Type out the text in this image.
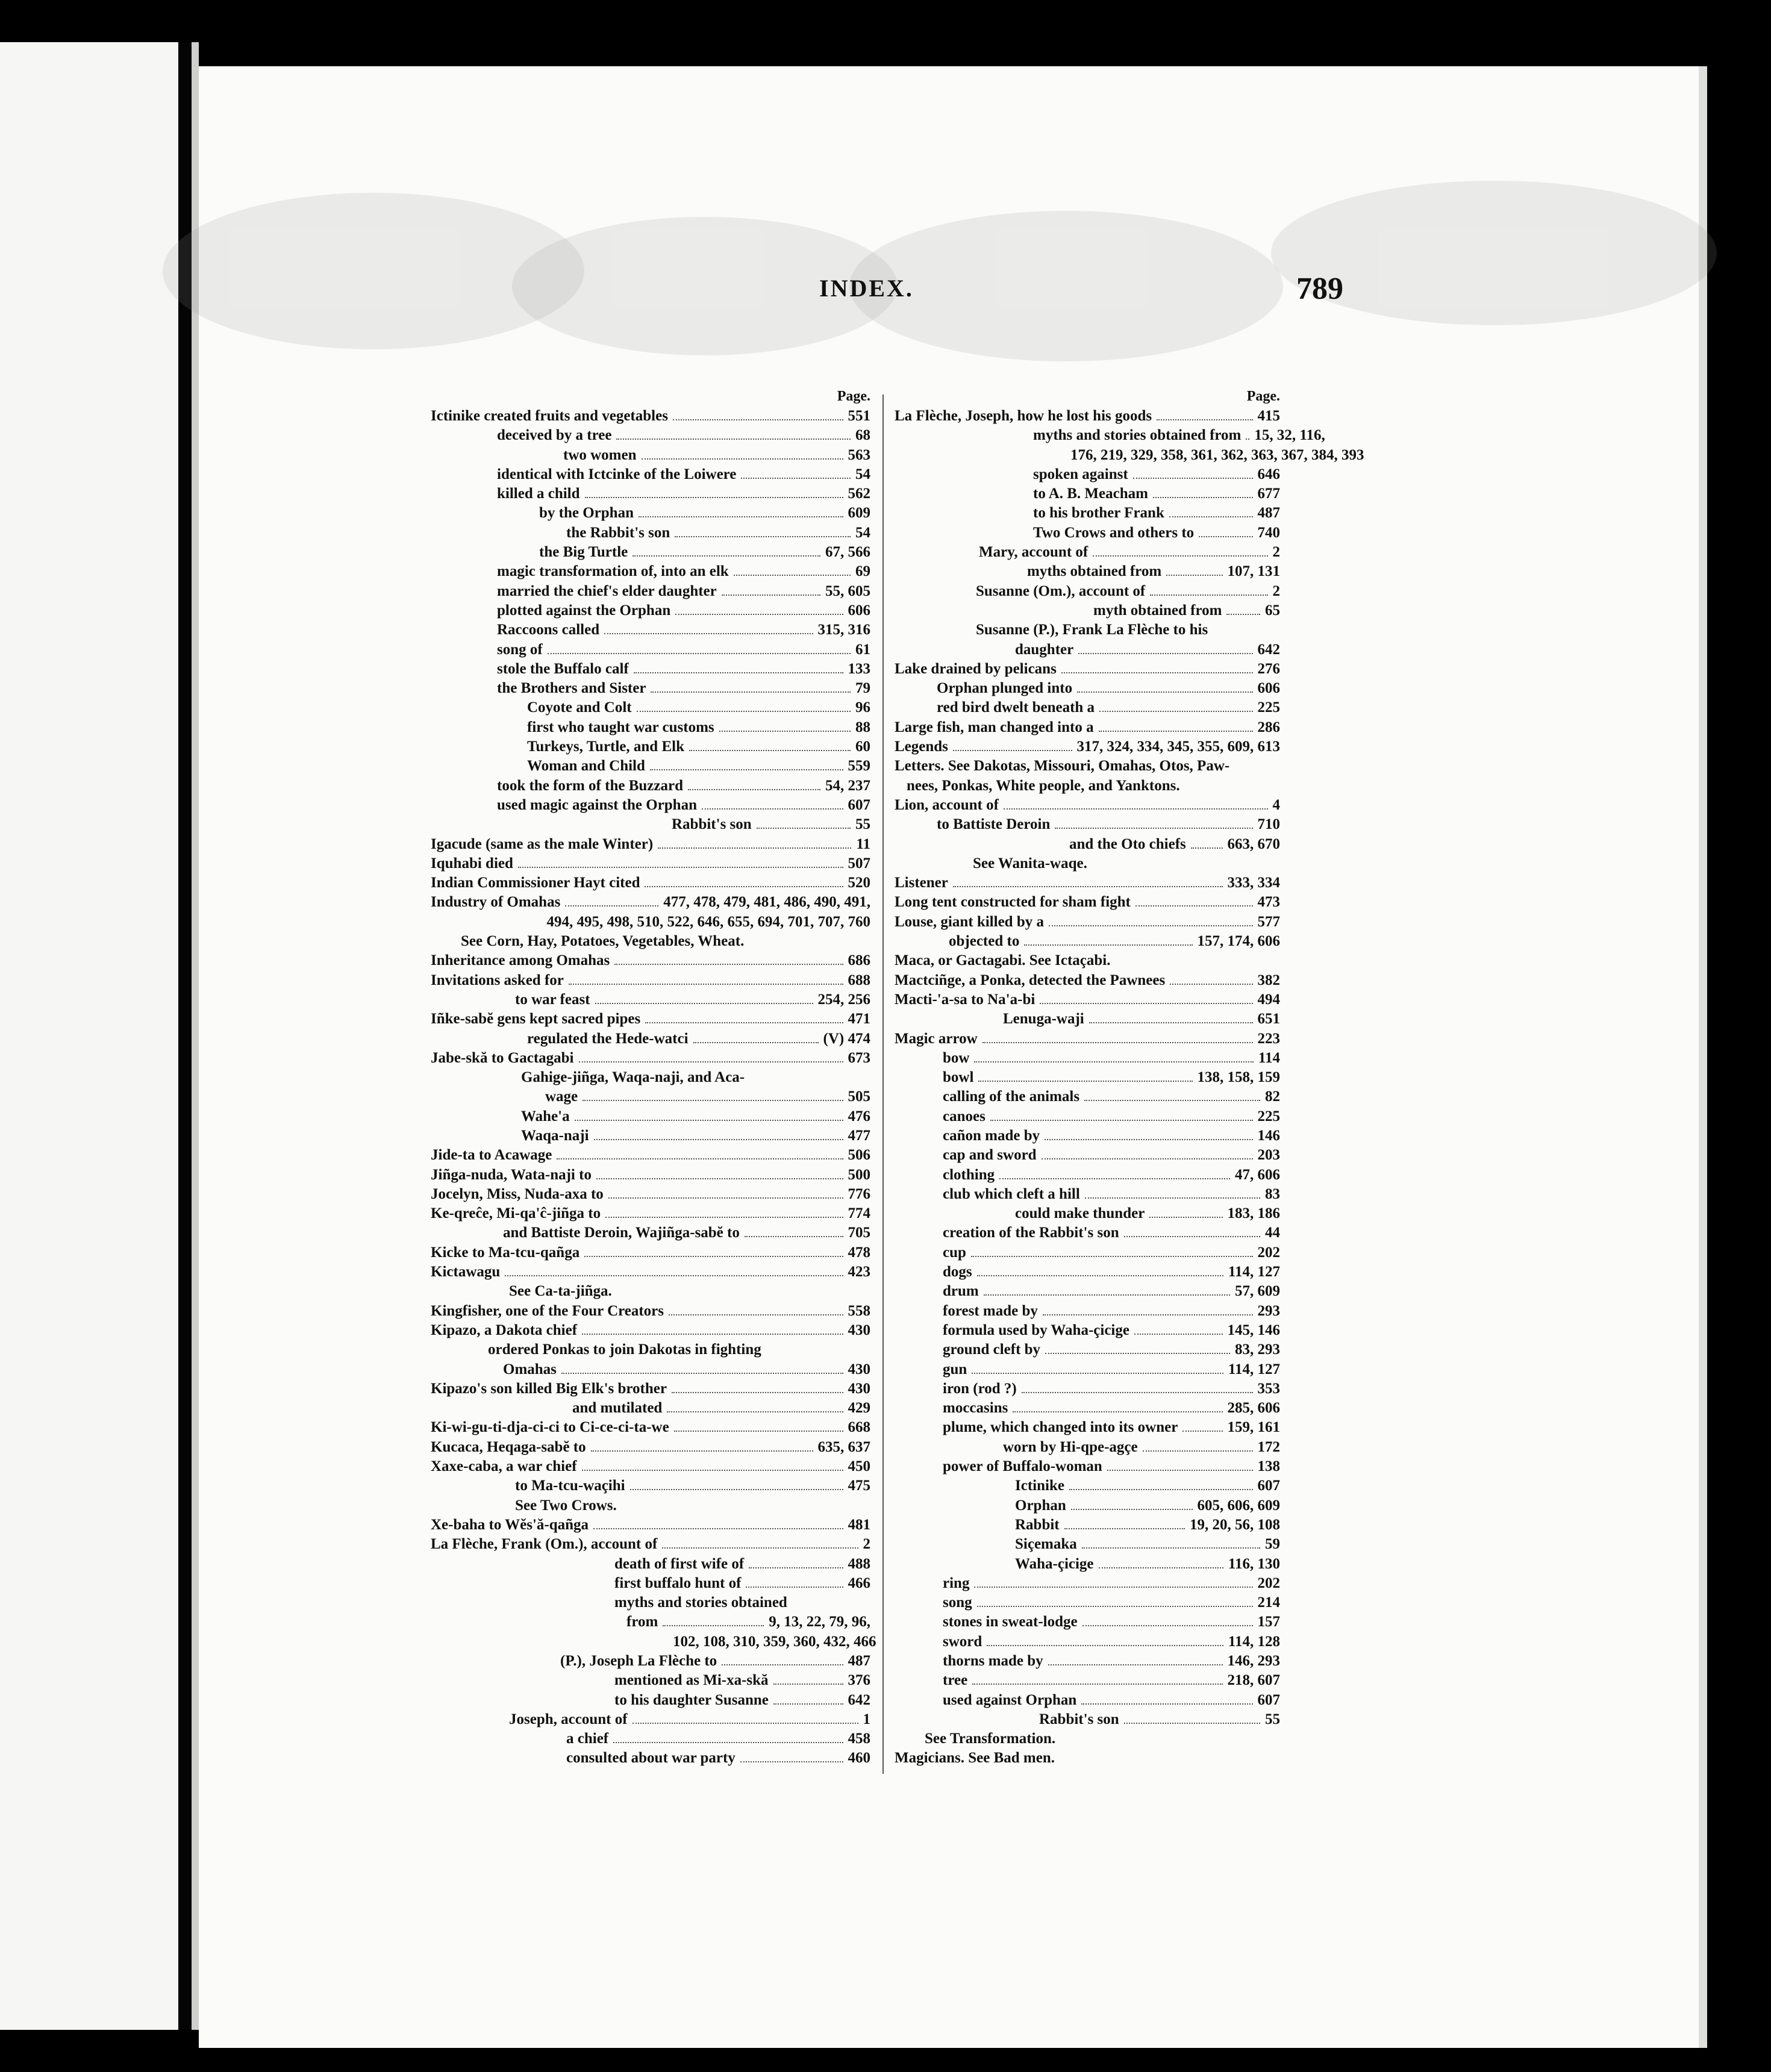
INDEX.	789
Page.
Ictinike created fruits and vegetables	551
deceived by a tree	68
two women	563
identical with Ictcinke of the Loiwere	54
killed a child	562
by the Orphan	609
the Rabbit's son	54
the Big Turtle	67, 566
magic transformation of, into an elk	69
married the chief's elder daughter	55, 605
plotted against the Orphan	606
Raccoons called	315, 316
song of	61
stole the Buffalo calf	133
the Brothers and Sister	79
Coyote and Colt	96
first who taught war customs	88
Turkeys, Turtle, and Elk	60
Woman and Child	559
took the form of the Buzzard	54, 237
used magic against the Orphan	607
Rabbit's son	55
Igacude (same as the male Winter)	11
Iquhabi died	507
Indian Commissioner Hayt cited	520
Industry of Omahas	477, 478, 479, 481, 486, 490, 491,
494, 495, 498, 510, 522, 646, 655, 694, 701, 707, 760
See Corn, Hay, Potatoes, Vegetables, Wheat.
Inheritance among Omahas	686
Invitations asked for	688
to war feast	254, 256
Iñke-sabĕ gens kept sacred pipes	471
regulated the Hede-watci	(V) 474
Jabe-skă to Gactagabi	673
Gahige-jiñga, Waqa-naji, and Aca-
wage	505
Wahe'a	476
Waqa-naji	477
Jide-ta to Acawage	506
Jiñga-nuda, Wata-naji to	500
Jocelyn, Miss, Nuda-axa to	776
Ke-qreĉe, Mi-qa'ĉ-jiñga to	774
and Battiste Deroin, Wajiñga-sabĕ to	705
Kicke to Ma-tcu-qañga	478
Kictawagu	423
See Ca-ta-jiñga.
Kingfisher, one of the Four Creators	558
Kipazo, a Dakota chief	430
ordered Ponkas to join Dakotas in fighting
Omahas	430
Kipazo's son killed Big Elk's brother	430
and mutilated	429
Ki-wi-gu-ti-dja-ci-ci to Ci-ce-ci-ta-we	668
Kucaca, Heqaga-sabĕ to	635, 637
Xaxe-caba, a war chief	450
to Ma-tcu-waçihi	475
See Two Crows.
Xe-baha to Wĕs'ă-qañga	481
La Flèche, Frank (Om.), account of	2
death of first wife of	488
first buffalo hunt of	466
myths and stories obtained
from	9, 13, 22, 79, 96,
102, 108, 310, 359, 360, 432, 466
(P.), Joseph La Flèche to	487
mentioned as Mi-xa-skă	376
to his daughter Susanne	642
Joseph, account of	1
a chief	458
consulted about war party	460
Page.
La Flèche, Joseph, how he lost his goods	415
myths and stories obtained from 15, 32, 116,
176, 219, 329, 358, 361, 362, 363, 367, 384, 393
spoken against	646
to A. B. Meacham	677
to his brother Frank	487
Two Crows and others to	740
Mary, account of	2
myths obtained from	107, 131
Susanne (Om.), account of	2
myth obtained from	65
Susanne (P.), Frank La Flèche to his
daughter	642
Lake drained by pelicans	276
Orphan plunged into	606
red bird dwelt beneath a	225
Large fish, man changed into a	286
Legends	317, 324, 334, 345, 355, 609, 613
Letters. See Dakotas, Missouri, Omahas, Otos, Paw-
nees, Ponkas, White people, and Yanktons.
Lion, account of	4
to Battiste Deroin	710
and the Oto chiefs	663, 670
See Wanita-waqe.
Listener	333, 334
Long tent constructed for sham fight	473
Louse, giant killed by a	577
objected to	157, 174, 606
Maca, or Gactagabi. See Ictaçabi.
Mactciñge, a Ponka, detected the Pawnees	382
Macti-'a-sa to Na'a-bi	494
Lenuga-waji	651
Magic arrow	223
bow	114
bowl	138, 158, 159
calling of the animals	82
canoes	225
cañon made by	146
cap and sword	203
clothing	47, 606
club which cleft a hill	83
could make thunder	183, 186
creation of the Rabbit's son	44
cup	202
dogs	114, 127
drum	57, 609
forest made by	293
formula used by Waha-çicige	145, 146
ground cleft by	83, 293
gun	114, 127
iron (rod ?)	353
moccasins	285, 606
plume, which changed into its owner	159, 161
worn by Hi-qpe-agçe	172
power of Buffalo-woman	138
Ictinike	607
Orphan	605, 606, 609
Rabbit	19, 20, 56, 108
Siçemaka	59
Waha-çicige	116, 130
ring	202
song	214
stones in sweat-lodge	157
sword	114, 128
thorns made by	146, 293
tree	218, 607
used against Orphan	607
Rabbit's son	55
See Transformation.
Magicians. See Bad men.
